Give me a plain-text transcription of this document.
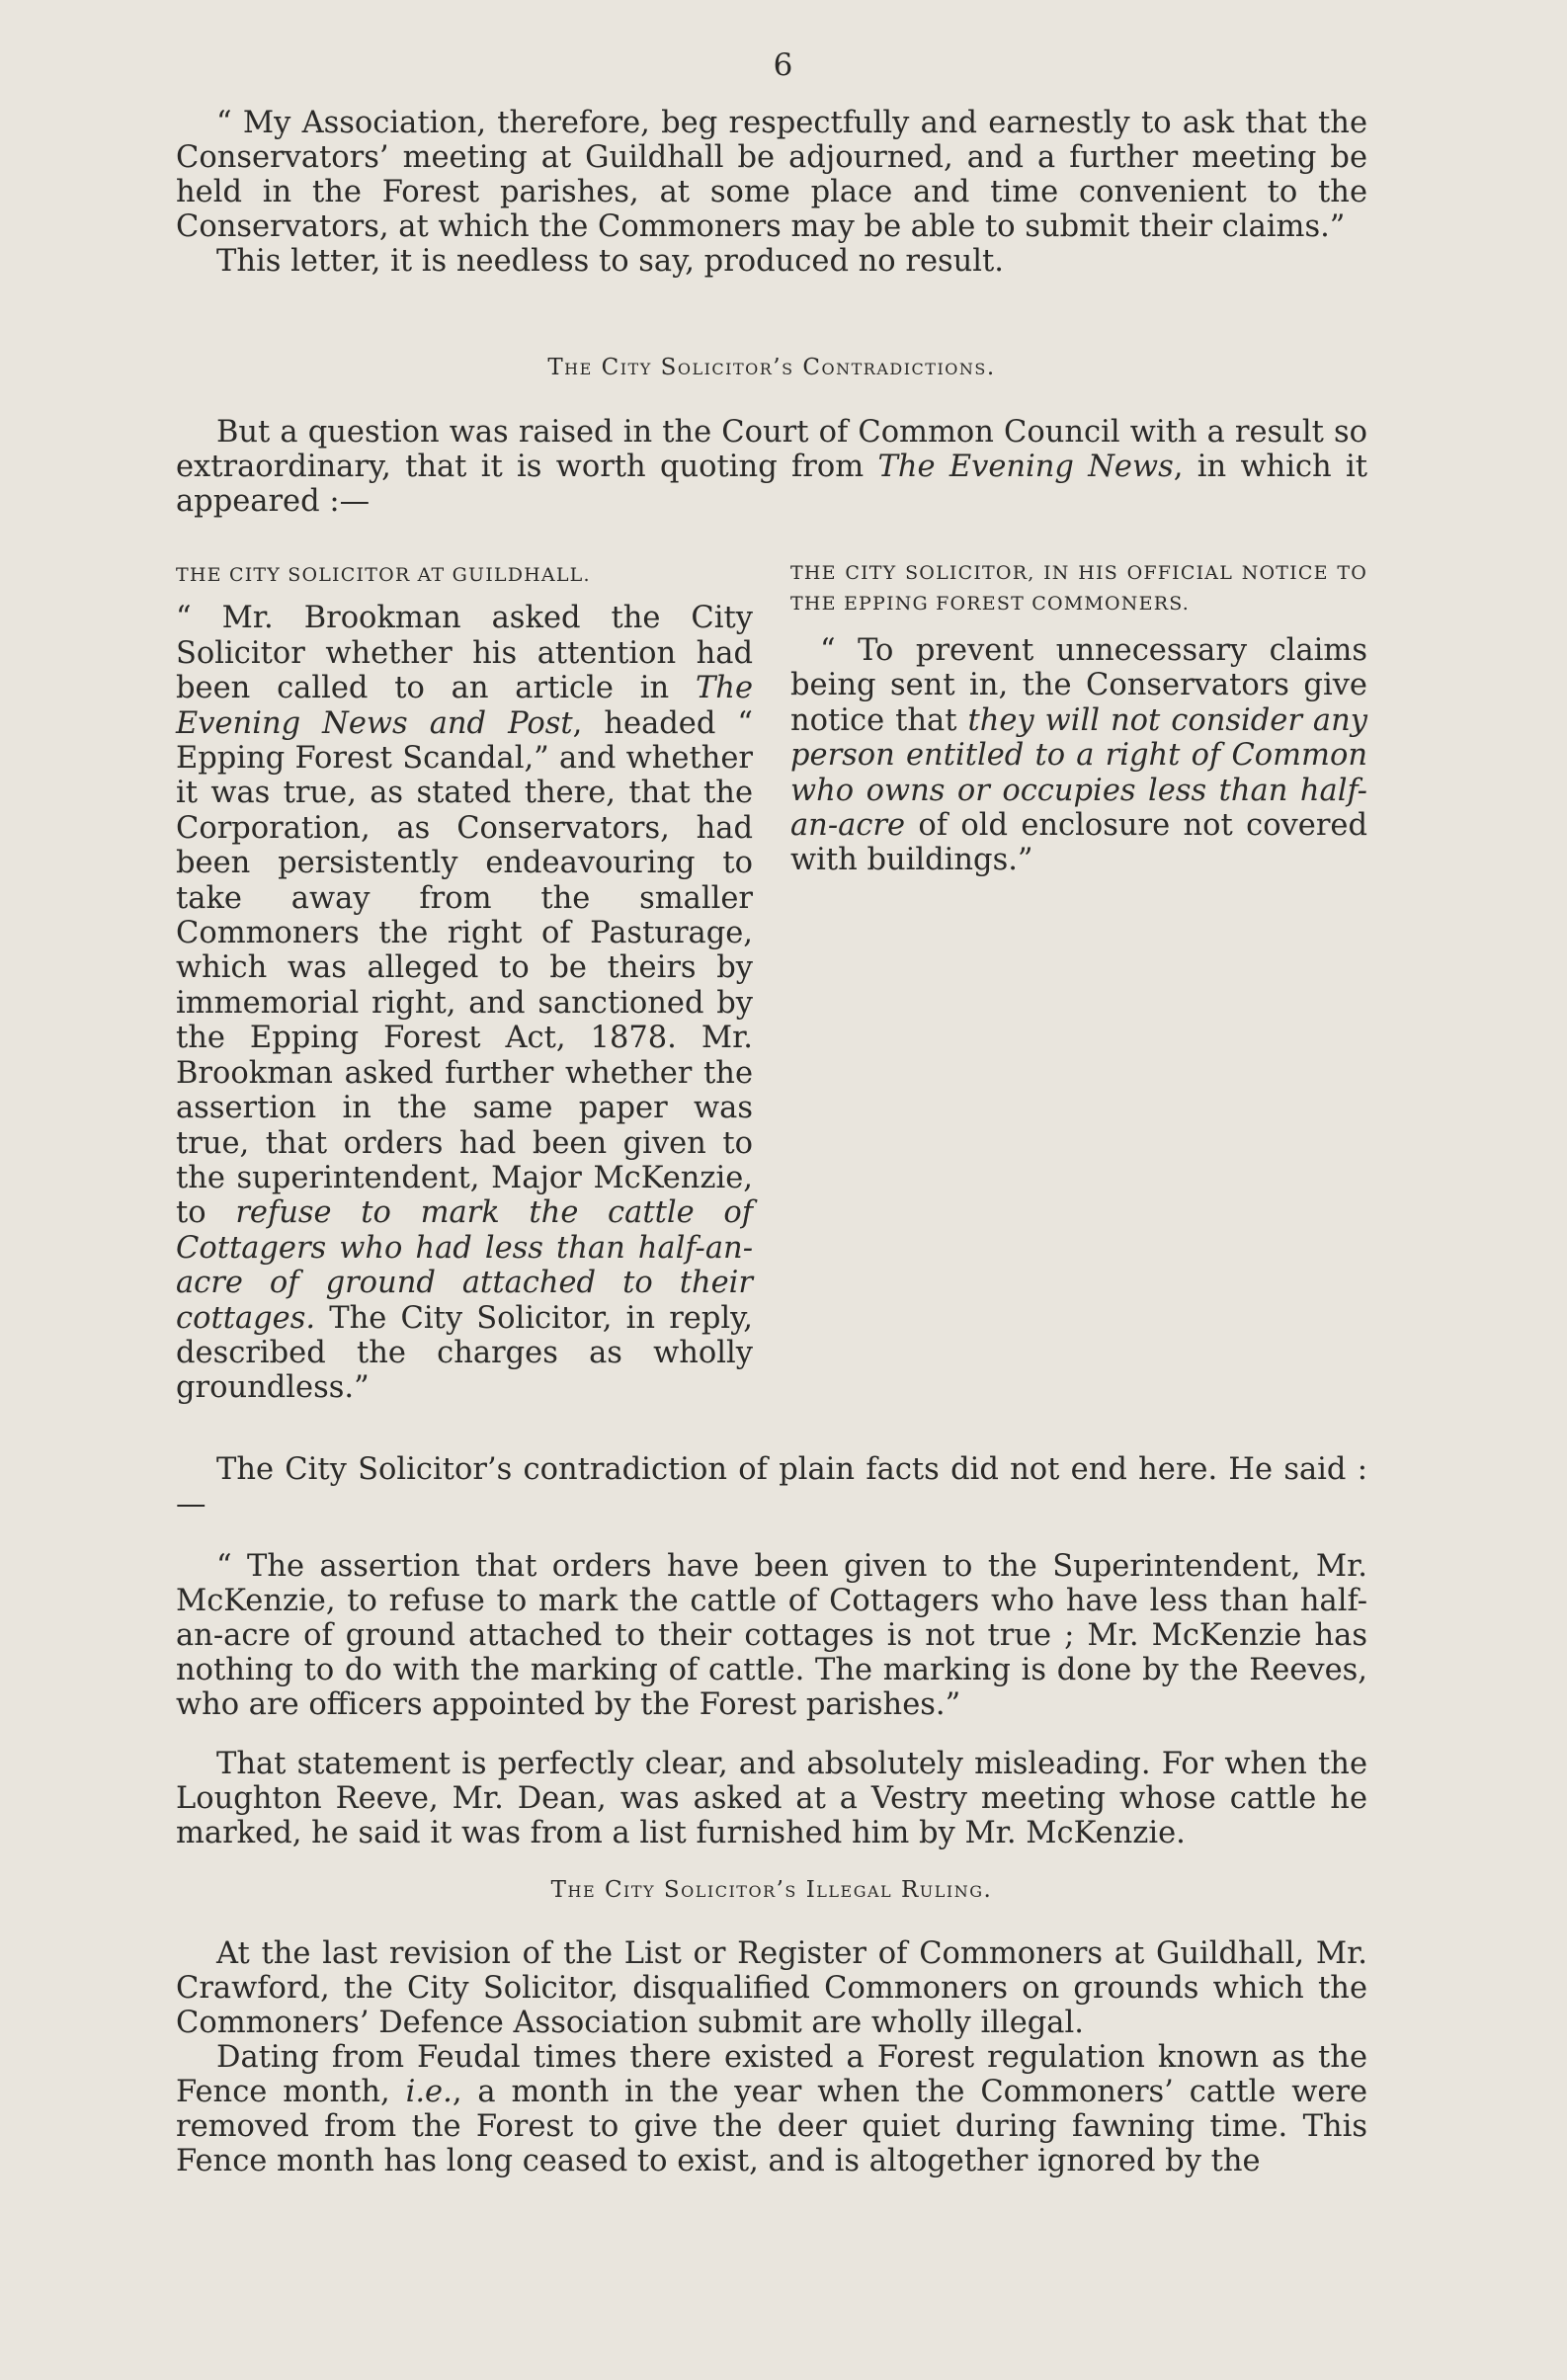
6

“ My Association, therefore, beg respectfully and earnestly to ask that the Conservators’ meeting at Guildhall be adjourned, and a further meeting be held in the Forest parishes, at some place and time convenient to the Conservators, at which the Commoners may be able to submit their claims.”

This letter, it is needless to say, produced no result.

The City Solicitor’s Contradictions.

But a question was raised in the Court of Common Council with a result so extraordinary, that it is worth quoting from The Evening News, in which it appeared :—

THE CITY SOLICITOR AT GUILDHALL.

“ Mr. Brookman asked the City Solicitor whether his attention had been called to an article in The Evening News and Post, headed “ Epping Forest Scandal,” and whether it was true, as stated there, that the Corporation, as Conservators, had been persistently endeavouring to take away from the smaller Commoners the right of Pasturage, which was alleged to be theirs by immemorial right, and sanctioned by the Epping Forest Act, 1878. Mr. Brookman asked further whether the assertion in the same paper was true, that orders had been given to the superintendent, Major McKenzie, to refuse to mark the cattle of Cottagers who had less than half-an-acre of ground attached to their cottages. The City Solicitor, in reply, described the charges as wholly groundless.”

THE CITY SOLICITOR, IN HIS OFFICIAL NOTICE TO THE EPPING FOREST COMMONERS.

“ To prevent unnecessary claims being sent in, the Conservators give notice that they will not consider any person entitled to a right of Common who owns or occupies less than half-an-acre of old enclosure not covered with buildings.”

The City Solicitor’s contradiction of plain facts did not end here. He said :—

“ The assertion that orders have been given to the Superintendent, Mr. McKenzie, to refuse to mark the cattle of Cottagers who have less than half-an-acre of ground attached to their cottages is not true ; Mr. McKenzie has nothing to do with the marking of cattle. The marking is done by the Reeves, who are officers appointed by the Forest parishes.”

That statement is perfectly clear, and absolutely misleading. For when the Loughton Reeve, Mr. Dean, was asked at a Vestry meeting whose cattle he marked, he said it was from a list furnished him by Mr. McKenzie.

The City Solicitor’s Illegal Ruling.

At the last revision of the List or Register of Commoners at Guildhall, Mr. Crawford, the City Solicitor, disqualified Commoners on grounds which the Commoners’ Defence Association submit are wholly illegal.

Dating from Feudal times there existed a Forest regulation known as the Fence month, i.e., a month in the year when the Commoners’ cattle were removed from the Forest to give the deer quiet during fawning time. This Fence month has long ceased to exist, and is altogether ignored by the
